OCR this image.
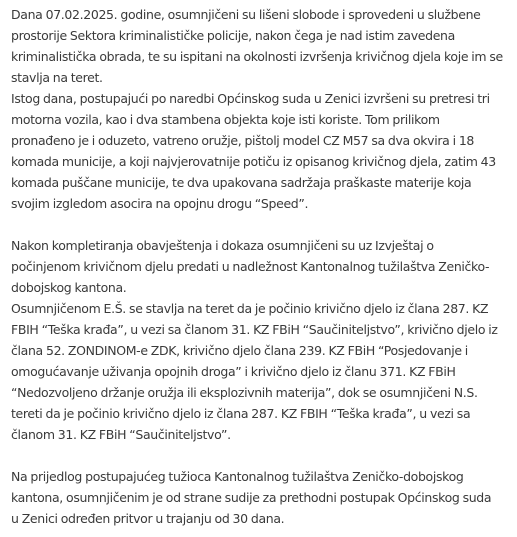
Dana 07.02.2025. godine, osumnjičeni su lišeni slobode i sprovedeni u službene
prostorije Sektora kriminalističke policije, nakon čega je nad istim zavedena
kriminalistička obrada, te su ispitani na okolnosti izvršenja krivičnog djela koje im se
stavlja na teret.

Istog dana, postupajući po naredbi Općinskog suda u Zenici izvršeni su pretresi tri
motorna vozila, kao i dva stambena objekta koje isti koriste. Tom prilikom
pronađeno je i oduzeto, vatreno oružje, pištolj model CZ M57 sa dva okvira i 18
komada municije, a koji najvjerovatnije potiču iz opisanog krivičnog djela, zatim 43
komada puščane municije, te dva upakovana sadržaja praškaste materije koja
svojim izgledom asocira na opojnu drogu “Speed”.

Nakon kompletiranja obavještenja i dokaza osumnjičeni su uz Izvještaj o
počinjenom krivičnom djelu predati u nadležnost Kantonalnog tužilaštva Zeničko-
dobojskog kantona.

Osumnjičenom E.Š. se stavlja na teret da je počinio krivično djelo iz člana 287. KZ
FBIH “Teška krađa”, u vezi sa članom 31. KZ FBiH “Saučiniteljstvo”, krivično djelo iz
člana 52. ZONDINOM-e ZDK, krivično djelo člana 239. KZ FBiH “Posjedovanje i
omogućavanje uživanja opojnih droga” i krivično djelo iz članu 371. KZ FBiH
“Nedozvoljeno držanje oružja ili eksplozivnih materija”, dok se osumnjičeni N.S.
tereti da je počinio krivično djelo iz člana 287. KZ FBIH “Teška krađa”, u vezi sa
članom 31. KZ FBiH “Saučiniteljstvo”.

Na prijedlog postupajućeg tužioca Kantonalnog tužilaštva Zeničko-dobojskog
kantona, osumnjičenim je od strane sudije za prethodni postupak Općinskog suda
u Zenici određen pritvor u trajanju od 30 dana.
